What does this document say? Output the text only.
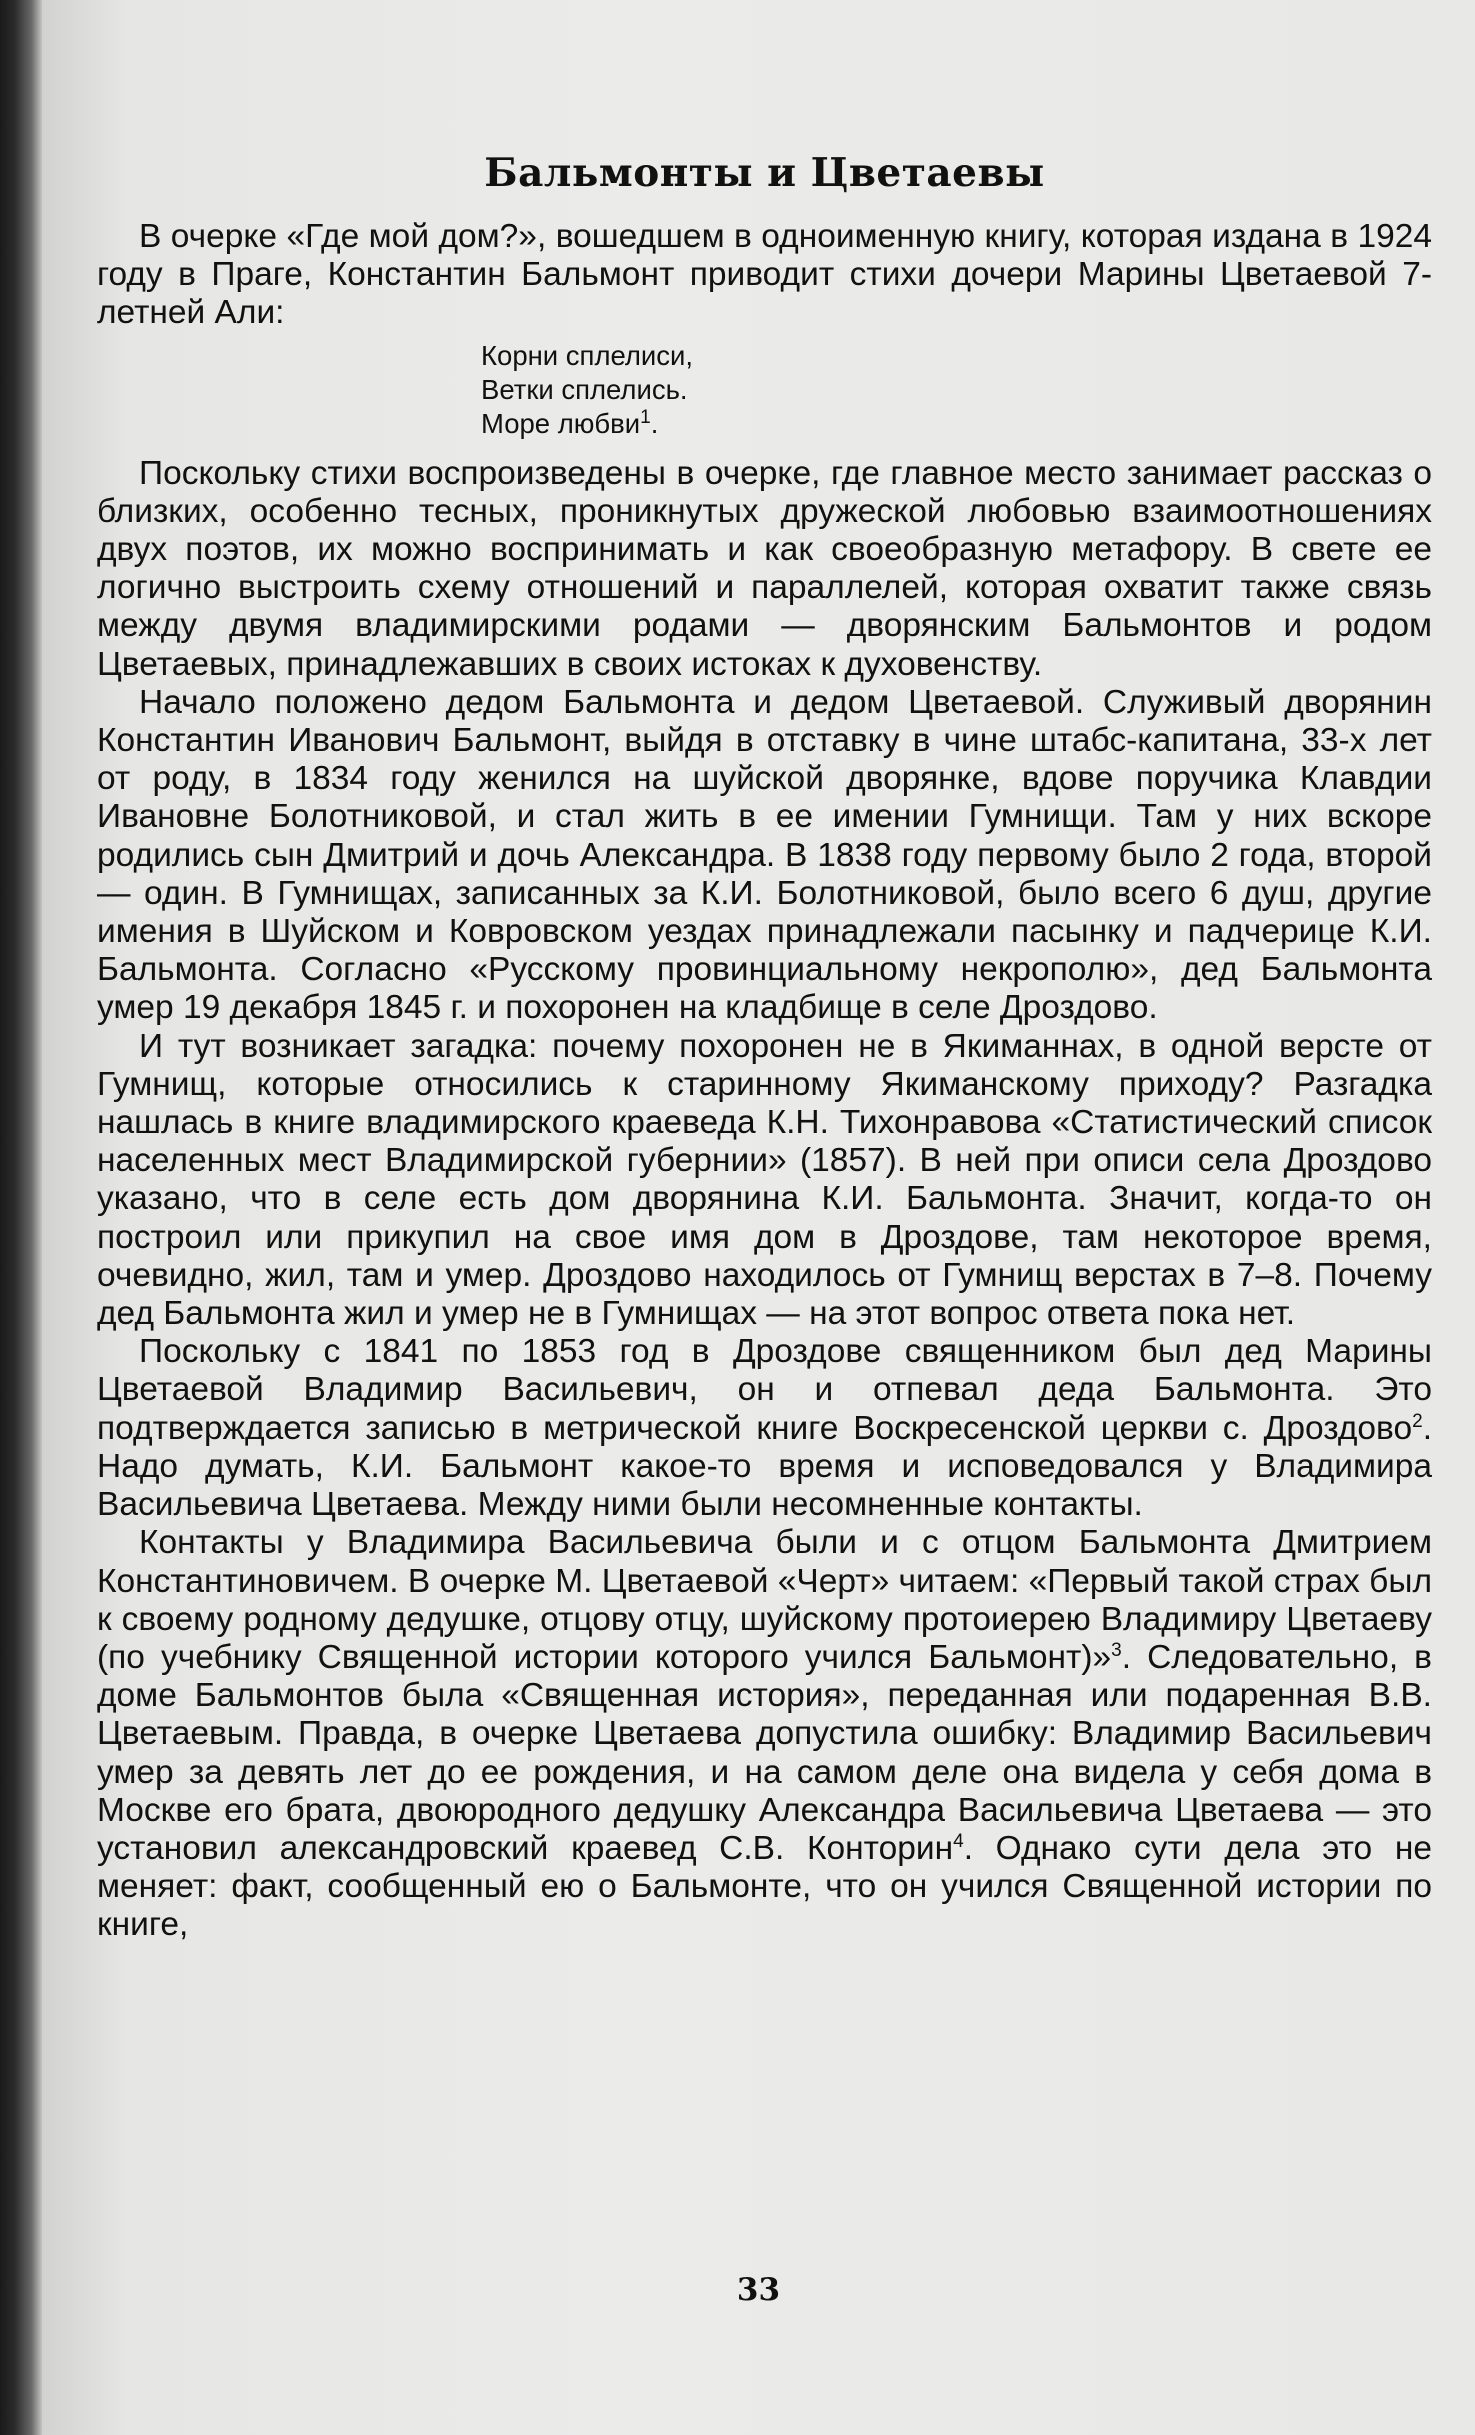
Бальмонты и Цветаевы

В очерке «Где мой дом?», вошедшем в одноименную книгу, которая издана в 1924 году в Праге, Константин Бальмонт приводит стихи дочери Марины Цветаевой 7-летней Али:

Корни сплелиси,
Ветки сплелись.
Море любви$^1$.

Поскольку стихи воспроизведены в очерке, где главное место занимает рассказ о близких, особенно тесных, проникнутых дружеской любовью взаимоотношениях двух поэтов, их можно воспринимать и как своеобразную метафору. В свете ее логично выстроить схему отношений и параллелей, которая охватит также связь между двумя владимирскими родами — дворянским Бальмонтов и родом Цветаевых, принадлежавших в своих истоках к духовенству.

Начало положено дедом Бальмонта и дедом Цветаевой. Служивый дворянин Константин Иванович Бальмонт, выйдя в отставку в чине штабс-капитана, 33-х лет от роду, в 1834 году женился на шуйской дворянке, вдове поручика Клавдии Ивановне Болотниковой, и стал жить в ее имении Гумнищи. Там у них вскоре родились сын Дмитрий и дочь Александра. В 1838 году первому было 2 года, второй — один. В Гумнищах, записанных за К.И. Болотниковой, было всего 6 душ, другие имения в Шуйском и Ковровском уездах принадлежали пасынку и падчерице К.И. Бальмонта. Согласно «Русскому провинциальному некрополю», дед Бальмонта умер 19 декабря 1845 г. и похоронен на кладбище в селе Дроздово.

И тут возникает загадка: почему похоронен не в Якиманнах, в одной версте от Гумнищ, которые относились к старинному Якиманскому приходу? Разгадка нашлась в книге владимирского краеведа К.Н. Тихонравова «Статистический список населенных мест Владимирской губернии» (1857). В ней при описи села Дроздово указано, что в селе есть дом дворянина К.И. Бальмонта. Значит, когда-то он построил или прикупил на свое имя дом в Дроздове, там некоторое время, очевидно, жил, там и умер. Дроздово находилось от Гумнищ верстах в 7–8. Почему дед Бальмонта жил и умер не в Гумнищах — на этот вопрос ответа пока нет.

Поскольку с 1841 по 1853 год в Дроздове священником был дед Марины Цветаевой Владимир Васильевич, он и отпевал деда Бальмонта. Это подтверждается записью в метрической книге Воскресенской церкви с. Дроздово$^2$. Надо думать, К.И. Бальмонт какое-то время и исповедовался у Владимира Васильевича Цветаева. Между ними были несомненные контакты.

Контакты у Владимира Васильевича были и с отцом Бальмонта Дмитрием Константиновичем. В очерке М. Цветаевой «Черт» читаем: «Первый такой страх был к своему родному дедушке, отцову отцу, шуйскому протоиерею Владимиру Цветаеву (по учебнику Священной истории которого учился Бальмонт)»$^3$. Следовательно, в доме Бальмонтов была «Священная история», переданная или подаренная В.В. Цветаевым. Правда, в очерке Цветаева допустила ошибку: Владимир Васильевич умер за девять лет до ее рождения, и на самом деле она видела у себя дома в Москве его брата, двоюродного дедушку Александра Васильевича Цветаева — это установил александровский краевед С.В. Конторин$^4$. Однако сути дела это не меняет: факт, сообщенный ею о Бальмонте, что он учился Священной истории по книге,

33
